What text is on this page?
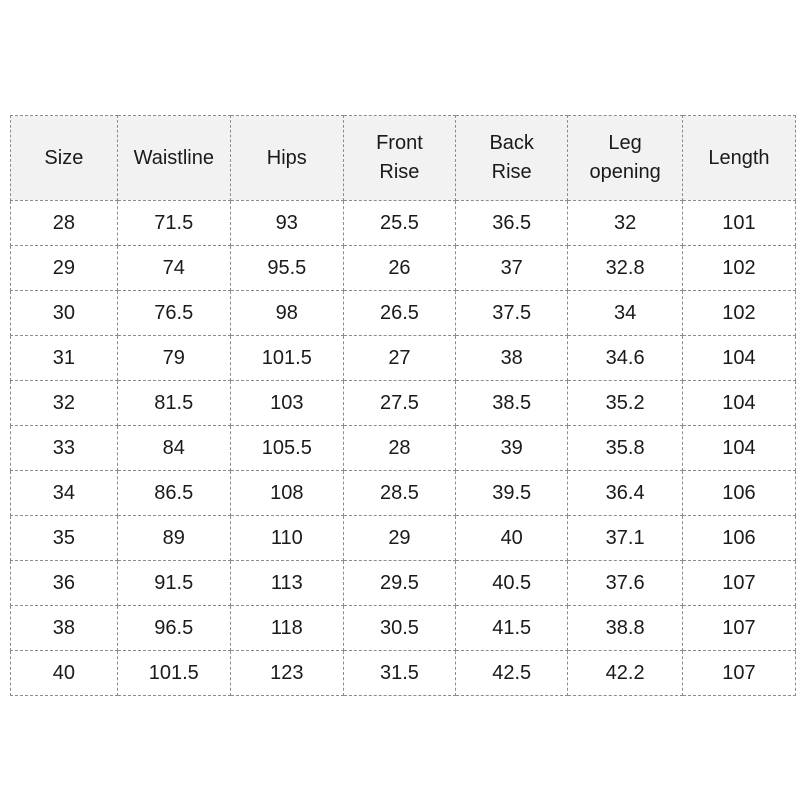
Size	Waistline	Hips	Front Rise	Back Rise	Leg opening	Length
28	71.5	93	25.5	36.5	32	101
29	74	95.5	26	37	32.8	102
30	76.5	98	26.5	37.5	34	102
31	79	101.5	27	38	34.6	104
32	81.5	103	27.5	38.5	35.2	104
33	84	105.5	28	39	35.8	104
34	86.5	108	28.5	39.5	36.4	106
35	89	110	29	40	37.1	106
36	91.5	113	29.5	40.5	37.6	107
38	96.5	118	30.5	41.5	38.8	107
40	101.5	123	31.5	42.5	42.2	107
